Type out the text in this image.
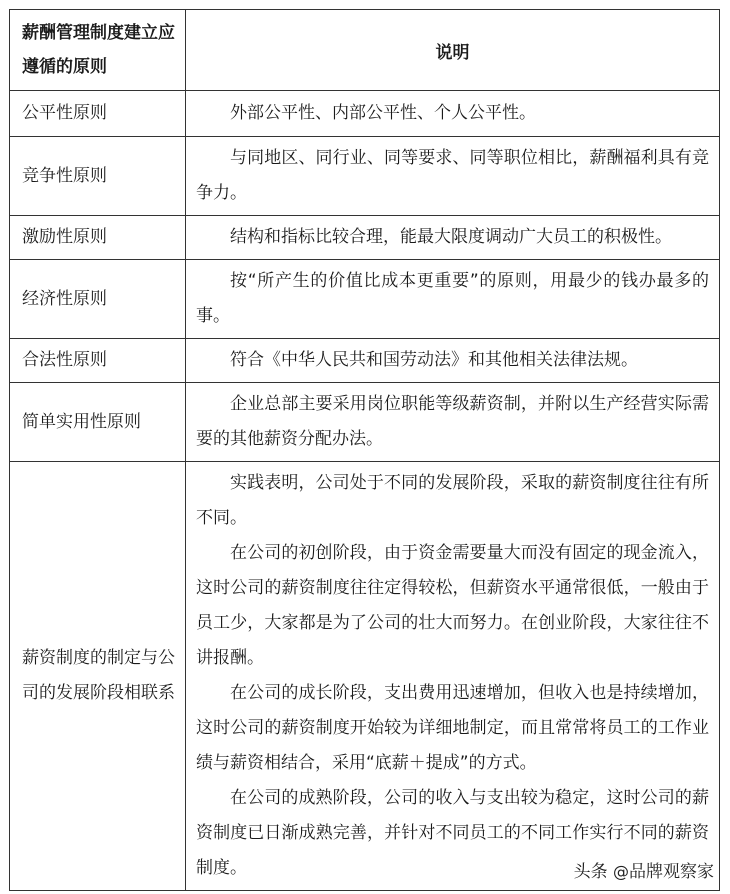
薪酬管理制度建立应遵循的原则	说明
公平性原则	外部公平性、内部公平性、个人公平性。

竞争性原则	与同地区、同行业、同等要求、同等职位相比，薪酬福利具有竞争力。

激励性原则	结构和指标比较合理，能最大限度调动广大员工的积极性。

经济性原则	按“所产生的价值比成本更重要”的原则，用最少的钱办最多的事。

合法性原则	符合《中华人民共和国劳动法》和其他相关法律法规。

简单实用性原则	企业总部主要采用岗位职能等级薪资制，并附以生产经营实际需要的其他薪资分配办法。

薪资制度的制定与公司的发展阶段相联系	实践表明，公司处于不同的发展阶段，采取的薪资制度往往有所不同。

在公司的初创阶段，由于资金需要量大而没有固定的现金流入，这时公司的薪资制度往往定得较松，但薪资水平通常很低，一般由于员工少，大家都是为了公司的壮大而努力。在创业阶段，大家往往不讲报酬。

在公司的成长阶段，支出费用迅速增加，但收入也是持续增加，这时公司的薪资制度开始较为详细地制定，而且常常将员工的工作业绩与薪资相结合，采用“底薪＋提成”的方式。

在公司的成熟阶段，公司的收入与支出较为稳定，这时公司的薪资制度已日渐成熟完善，并针对不同员工的不同工作实行不同的薪资制度。	头条 @品牌观察家
